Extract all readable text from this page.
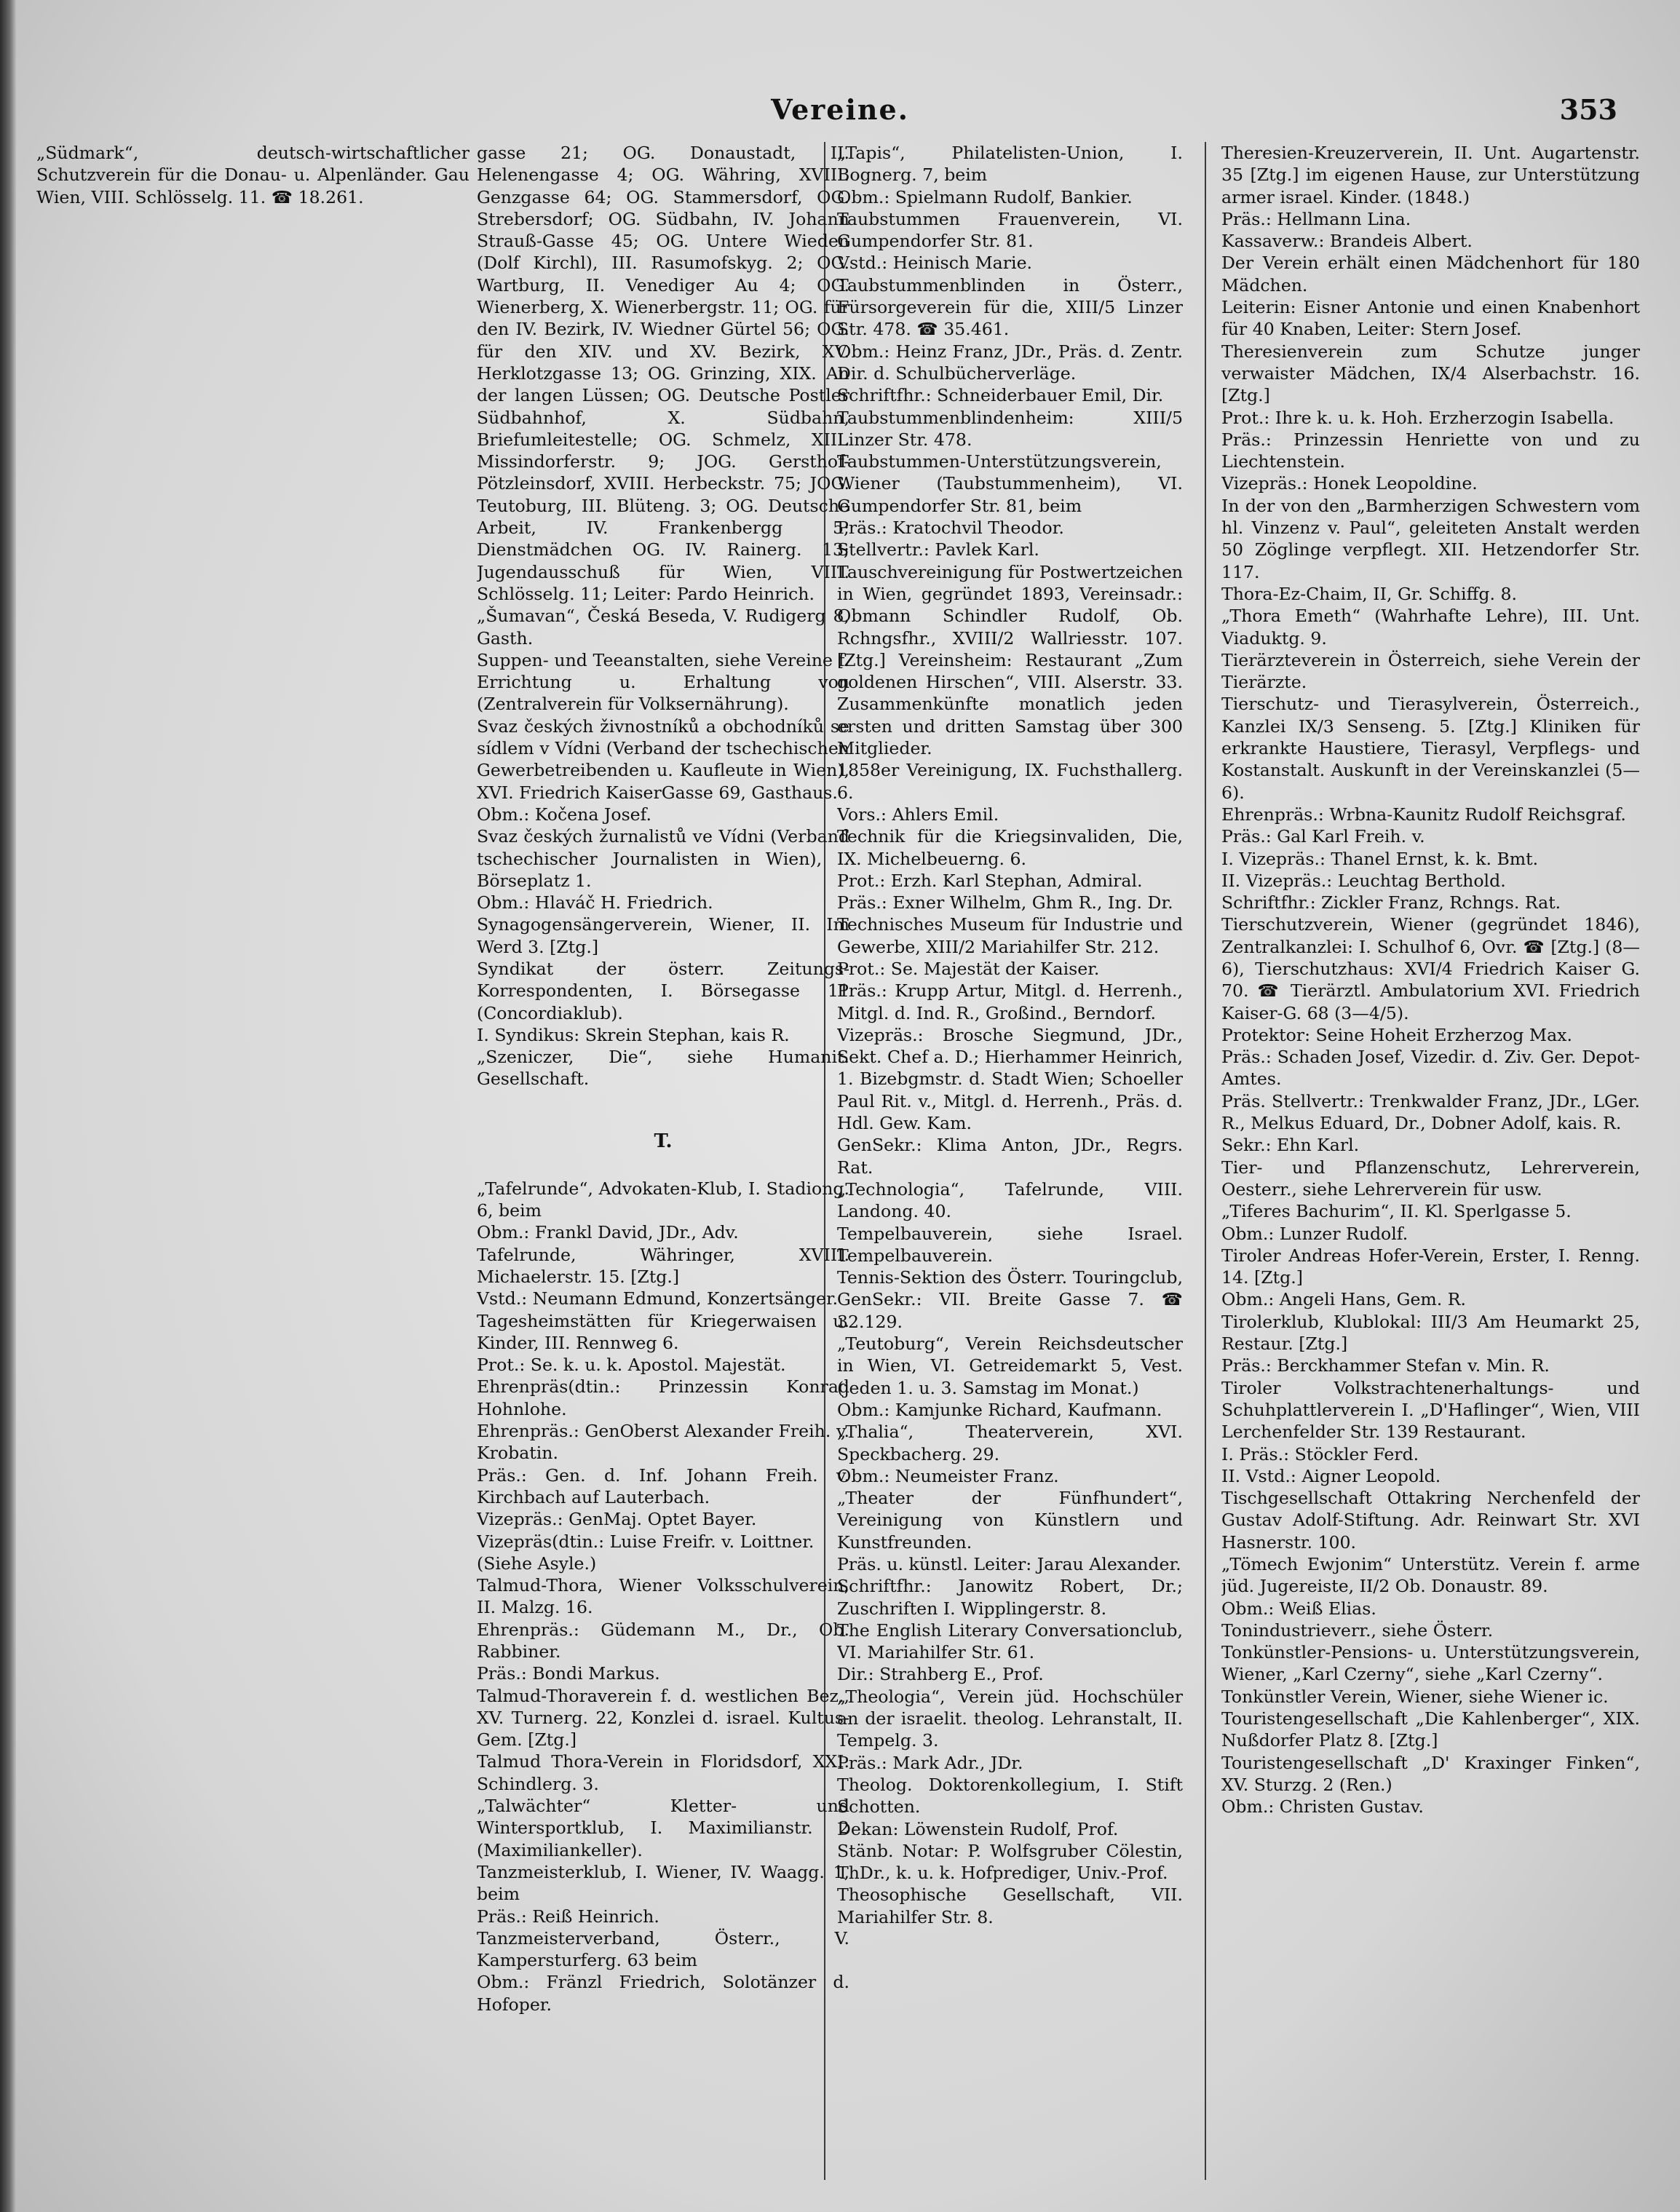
Vereine.	353

„Südmark“, deutsch-wirtschaftlicher Schutzverein für die Donau- u. Alpenländer. Gau Wien, VIII. Schlösselg. 11. ☎ 18.261.

gasse 21; OG. Donaustadt, II. Helenengasse 4; OG. Währing, XVIII. Genzgasse 64; OG. Stammersdorf, OG. Strebersdorf; OG. Südbahn, IV. Johann Strauß-Gasse 45; OG. Untere Wieden (Dolf Kirchl), III. Rasumofskyg. 2; OG. Wartburg, II. Venediger Au 4; OG. Wienerberg, X. Wienerbergstr. 11; OG. für den IV. Bezirk, IV. Wiedner Gürtel 56; OG. für den XIV. und XV. Bezirk, XV. Herklotzgasse 13; OG. Grinzing, XIX. An der langen Lüssen; OG. Deutsche Postler Südbahnhof, X. Südbahn, Briefumleitestelle; OG. Schmelz, XIII. Missindorferstr. 9; JOG. Gersthof-Pötzleinsdorf, XVIII. Herbeckstr. 75; JOG. Teutoburg, III. Blüteng. 3; OG. Deutsche Arbeit, IV. Frankenbergg 5; Dienstmädchen OG. IV. Rainerg. 13; Jugendausschuß für Wien, VIII. Schlösselg. 11; Leiter: Pardo Heinrich.

„Šumavan“, Česká Beseda, V. Rudigerg 8, Gasth.

Suppen- und Teeanstalten, siehe Vereine f. Errichtung u. Erhaltung von (Zentralverein für Volksernährung).

Svaz českých živnostníků a obchodníků se sídlem v Vídni (Verband der tschechischen Gewerbetreibenden u. Kaufleute in Wien), XVI. Friedrich KaiserGasse 69, Gasthaus.

Obm.: Kočena Josef.

Svaz českých žurnalistů ve Vídni (Verband tschechischer Journalisten in Wien), I. Börseplatz 1.

Obm.: Hlaváč H. Friedrich.

Synagogensängerverein, Wiener, II. Im Werd 3. [Ztg.]

Syndikat der österr. Zeitungs-Korrespondenten, I. Börsegasse 11 (Concordiaklub).

I. Syndikus: Skrein Stephan, kais R.

„Szeniczer, Die“, siehe Humanit. Gesellschaft.

T.

„Tafelrunde“, Advokaten-Klub, I. Stadiong. 6, beim

Obm.: Frankl David, JDr., Adv.

Tafelrunde, Währinger, XVIII. Michaelerstr. 15. [Ztg.]

Vstd.: Neumann Edmund, Konzertsänger.

Tagesheimstätten für Kriegerwaisen u. Kinder, III. Rennweg 6.

Prot.: Se. k. u. k. Apostol. Majestät.

Ehrenpräs(dtin.: Prinzessin Konrad Hohnlohe.

Ehrenpräs.: GenOberst Alexander Freih. v. Krobatin.

Präs.: Gen. d. Inf. Johann Freih. v. Kirchbach auf Lauterbach.

Vizepräs.: GenMaj. Optet Bayer.

Vizepräs(dtin.: Luise Freifr. v. Loittner.

(Siehe Asyle.)

Talmud-Thora, Wiener Volksschulverein, II. Malzg. 16.

Ehrenpräs.: Güdemann M., Dr., Ob. Rabbiner.

Präs.: Bondi Markus.

Talmud-Thoraverein f. d. westlichen Bez., XV. Turnerg. 22, Konzlei d. israel. Kultus-Gem. [Ztg.]

Talmud Thora-Verein in Floridsdorf, XXI. Schindlerg. 3.

„Talwächter“ Kletter- und Wintersportklub, I. Maximilianstr. 2 (Maximiliankeller).

Tanzmeisterklub, I. Wiener, IV. Waagg. 1, beim

Präs.: Reiß Heinrich.

Tanzmeisterverband, Österr., V. Kampersturferg. 63 beim

Obm.: Fränzl Friedrich, Solotänzer d. Hofoper.

„Tapis“, Philatelisten-Union, I. Bognerg. 7, beim

Obm.: Spielmann Rudolf, Bankier.

Taubstummen Frauenverein, VI. Gumpendorfer Str. 81.

Vstd.: Heinisch Marie.

Taubstummenblinden in Österr., Fürsorgeverein für die, XIII/5 Linzer Str. 478. ☎ 35.461.

Obm.: Heinz Franz, JDr., Präs. d. Zentr. Dir. d. Schulbücherverläge.

Schriftfhr.: Schneiderbauer Emil, Dir.

Taubstummenblindenheim: XIII/5 Linzer Str. 478.

Taubstummen-Unterstützungsverein, Wiener (Taubstummenheim), VI. Gumpendorfer Str. 81, beim

Präs.: Kratochvil Theodor.

Stellvertr.: Pavlek Karl.

Tauschvereinigung für Postwertzeichen in Wien, gegründet 1893, Vereinsadr.: Obmann Schindler Rudolf, Ob. Rchngsfhr., XVIII/2 Wallriesstr. 107. [Ztg.] Vereinsheim: Restaurant „Zum goldenen Hirschen“, VIII. Alserstr. 33. Zusammenkünfte monatlich jeden ersten und dritten Samstag über 300 Mitglieder.

1858er Vereinigung, IX. Fuchsthallerg. 6.

Vors.: Ahlers Emil.

Technik für die Kriegsinvaliden, Die, IX. Michelbeuerng. 6.

Prot.: Erzh. Karl Stephan, Admiral.

Präs.: Exner Wilhelm, Ghm R., Ing. Dr.

Technisches Museum für Industrie und Gewerbe, XIII/2 Mariahilfer Str. 212.

Prot.: Se. Majestät der Kaiser.

Präs.: Krupp Artur, Mitgl. d. Herrenh., Mitgl. d. Ind. R., Großind., Berndorf.

Vizepräs.: Brosche Siegmund, JDr., Sekt. Chef a. D.; Hierhammer Heinrich, 1. Bizebgmstr. d. Stadt Wien; Schoeller Paul Rit. v., Mitgl. d. Herrenh., Präs. d. Hdl. Gew. Kam.

GenSekr.: Klima Anton, JDr., Regrs. Rat.

„Technologia“, Tafelrunde, VIII. Landong. 40.

Tempelbauverein, siehe Israel. Tempelbauverein.

Tennis-Sektion des Österr. Touringclub, GenSekr.: VII. Breite Gasse 7. ☎ 32.129.

„Teutoburg“, Verein Reichsdeutscher in Wien, VI. Getreidemarkt 5, Vest. (jeden 1. u. 3. Samstag im Monat.)

Obm.: Kamjunke Richard, Kaufmann.

„Thalia“, Theaterverein, XVI. Speckbacherg. 29.

Obm.: Neumeister Franz.

„Theater der Fünfhundert“, Vereinigung von Künstlern und Kunstfreunden.

Präs. u. künstl. Leiter: Jarau Alexander.

Schriftfhr.: Janowitz Robert, Dr.; Zuschriften I. Wipplingerstr. 8.

The English Literary Conversationclub, VI. Mariahilfer Str. 61.

Dir.: Strahberg E., Prof.

„Theologia“, Verein jüd. Hochschüler an der israelit. theolog. Lehranstalt, II. Tempelg. 3.

Präs.: Mark Adr., JDr.

Theolog. Doktorenkollegium, I. Stift Schotten.

Dekan: Löwenstein Rudolf, Prof.

Stänb. Notar: P. Wolfsgruber Cölestin, ThDr., k. u. k. Hofprediger, Univ.-Prof.

Theosophische Gesellschaft, VII. Mariahilfer Str. 8.

Theresien-Kreuzerverein, II. Unt. Augartenstr. 35 [Ztg.] im eigenen Hause, zur Unterstützung armer israel. Kinder. (1848.)

Präs.: Hellmann Lina.

Kassaverw.: Brandeis Albert.

Der Verein erhält einen Mädchenhort für 180 Mädchen.

Leiterin: Eisner Antonie und einen Knabenhort für 40 Knaben, Leiter: Stern Josef.

Theresienverein zum Schutze junger verwaister Mädchen, IX/4 Alserbachstr. 16. [Ztg.]

Prot.: Ihre k. u. k. Hoh. Erzherzogin Isabella.

Präs.: Prinzessin Henriette von und zu Liechtenstein.

Vizepräs.: Honek Leopoldine.

In der von den „Barmherzigen Schwestern vom hl. Vinzenz v. Paul“, geleiteten Anstalt werden 50 Zöglinge verpflegt. XII. Hetzendorfer Str. 117.

Thora-Ez-Chaim, II, Gr. Schiffg. 8.

„Thora Emeth“ (Wahrhafte Lehre), III. Unt. Viaduktg. 9.

Tierärzteverein in Österreich, siehe Verein der Tierärzte.

Tierschutz- und Tierasylverein, Österreich., Kanzlei IX/3 Senseng. 5. [Ztg.] Kliniken für erkrankte Haustiere, Tierasyl, Verpflegs- und Kostanstalt. Auskunft in der Vereinskanzlei (5—6).

Ehrenpräs.: Wrbna-Kaunitz Rudolf Reichsgraf.

Präs.: Gal Karl Freih. v.

I. Vizepräs.: Thanel Ernst, k. k. Bmt.

II. Vizepräs.: Leuchtag Berthold.

Schriftfhr.: Zickler Franz, Rchngs. Rat.

Tierschutzverein, Wiener (gegründet 1846), Zentralkanzlei: I. Schulhof 6, Ovr. ☎ [Ztg.] (8—6), Tierschutzhaus: XVI/4 Friedrich Kaiser G. 70. ☎ Tierärztl. Ambulatorium XVI. Friedrich Kaiser-G. 68 (3—4/5).

Protektor: Seine Hoheit Erzherzog Max.

Präs.: Schaden Josef, Vizedir. d. Ziv. Ger. Depot-Amtes.

Präs. Stellvertr.: Trenkwalder Franz, JDr., LGer. R., Melkus Eduard, Dr., Dobner Adolf, kais. R.

Sekr.: Ehn Karl.

Tier- und Pflanzenschutz, Lehrerverein, Oesterr., siehe Lehrerverein für usw.

„Tiferes Bachurim“, II. Kl. Sperlgasse 5.

Obm.: Lunzer Rudolf.

Tiroler Andreas Hofer-Verein, Erster, I. Renng. 14. [Ztg.]

Obm.: Angeli Hans, Gem. R.

Tirolerklub, Klublokal: III/3 Am Heumarkt 25, Restaur. [Ztg.]

Präs.: Berckhammer Stefan v. Min. R.

Tiroler Volkstrachtenerhaltungs- und Schuhplattlerverein I. „D'Haflinger“, Wien, VIII Lerchenfelder Str. 139 Restaurant.

I. Präs.: Stöckler Ferd.

II. Vstd.: Aigner Leopold.

Tischgesellschaft Ottakring Nerchenfeld der Gustav Adolf-Stiftung. Adr. Reinwart Str. XVI Hasnerstr. 100.

„Tömech Ewjonim“ Unterstütz. Verein f. arme jüd. Jugereiste, II/2 Ob. Donaustr. 89.

Obm.: Weiß Elias.

Tonindustrieverr., siehe Österr.

Tonkünstler-Pensions- u. Unterstützungsverein, Wiener, „Karl Czerny“, siehe „Karl Czerny“.

Tonkünstler Verein, Wiener, siehe Wiener ic.

Touristengesellschaft „Die Kahlenberger“, XIX. Nußdorfer Platz 8. [Ztg.]

Touristengesellschaft „D' Kraxinger Finken“, XV. Sturzg. 2 (Ren.)

Obm.: Christen Gustav.
